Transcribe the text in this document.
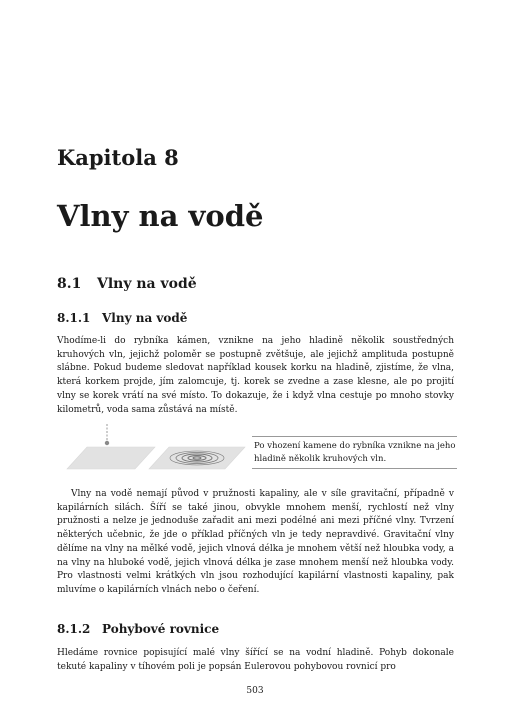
Kapitola 8
Vlny na vodě
8.1 Vlny na vodě
8.1.1 Vlny na vodě
Vhodíme-li do rybníka kámen, vznikne na jeho hladině několik soustředných kruhových vln, jejichž poloměr se postupně zvětšuje, ale jejichž amplituda postupně slábne. Pokud budeme sledovat například kousek korku na hladině, zjistíme, že vlna, která korkem projde, jím zalomcuje, tj. korek se zvedne a zase klesne, ale po projití vlny se korek vrátí na své místo. To dokazuje, že i když vlna cestuje po mnoho stovky kilometrů, voda sama zůstává na místě.
Po vhození kamene do rybníka vznikne na jeho hladině několik kruhových vln.
Vlny na vodě nemají původ v pružnosti kapaliny, ale v síle gravitační, případně v kapilárních silách. Šíří se také jinou, obvykle mnohem menší, rychlostí než vlny pružnosti a nelze je jednoduše zařadit ani mezi podélné ani mezi příčné vlny. Tvrzení některých učebnic, že jde o příklad příčných vln je tedy nepravdivé. Gravitační vlny dělíme na vlny na mělké vodě, jejich vlnová délka je mnohem větší než hloubka vody, a na vlny na hluboké vodě, jejich vlnová délka je zase mnohem menší než hloubka vody. Pro vlastnosti velmi krátkých vln jsou rozhodující kapilární vlastnosti kapaliny, pak mluvíme o kapilárních vlnách nebo o čeření.
8.1.2 Pohybové rovnice
Hledáme rovnice popisující malé vlny šířící se na vodní hladině. Pohyb dokonale tekuté kapaliny v tíhovém poli je popsán Eulerovou pohybovou rovnicí pro
503
